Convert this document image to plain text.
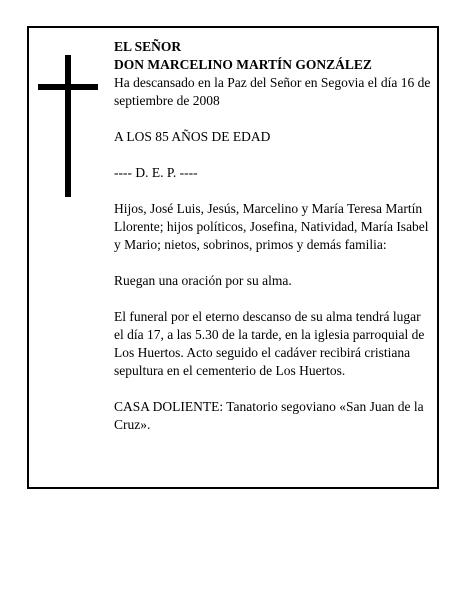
EL SEÑOR

DON MARCELINO MARTÍN GONZÁLEZ

Ha descansado en la Paz del Señor en Segovia el día 16 de septiembre de 2008

A LOS 85 AÑOS DE EDAD

---- D. E. P. ----

Hijos, José Luis, Jesús, Marcelino y María Teresa Martín Llorente; hijos políticos, Josefina, Natividad, María Isabel y Mario; nietos, sobrinos, primos y demás familia:

Ruegan una oración por su alma.

El funeral por el eterno descanso de su alma tendrá lugar el día 17, a las 5.30 de la tarde, en la iglesia parroquial de Los Huertos. Acto seguido el cadáver recibirá cristiana sepultura en el cementerio de Los Huertos.

CASA DOLIENTE: Tanatorio segoviano «San Juan de la Cruz».
